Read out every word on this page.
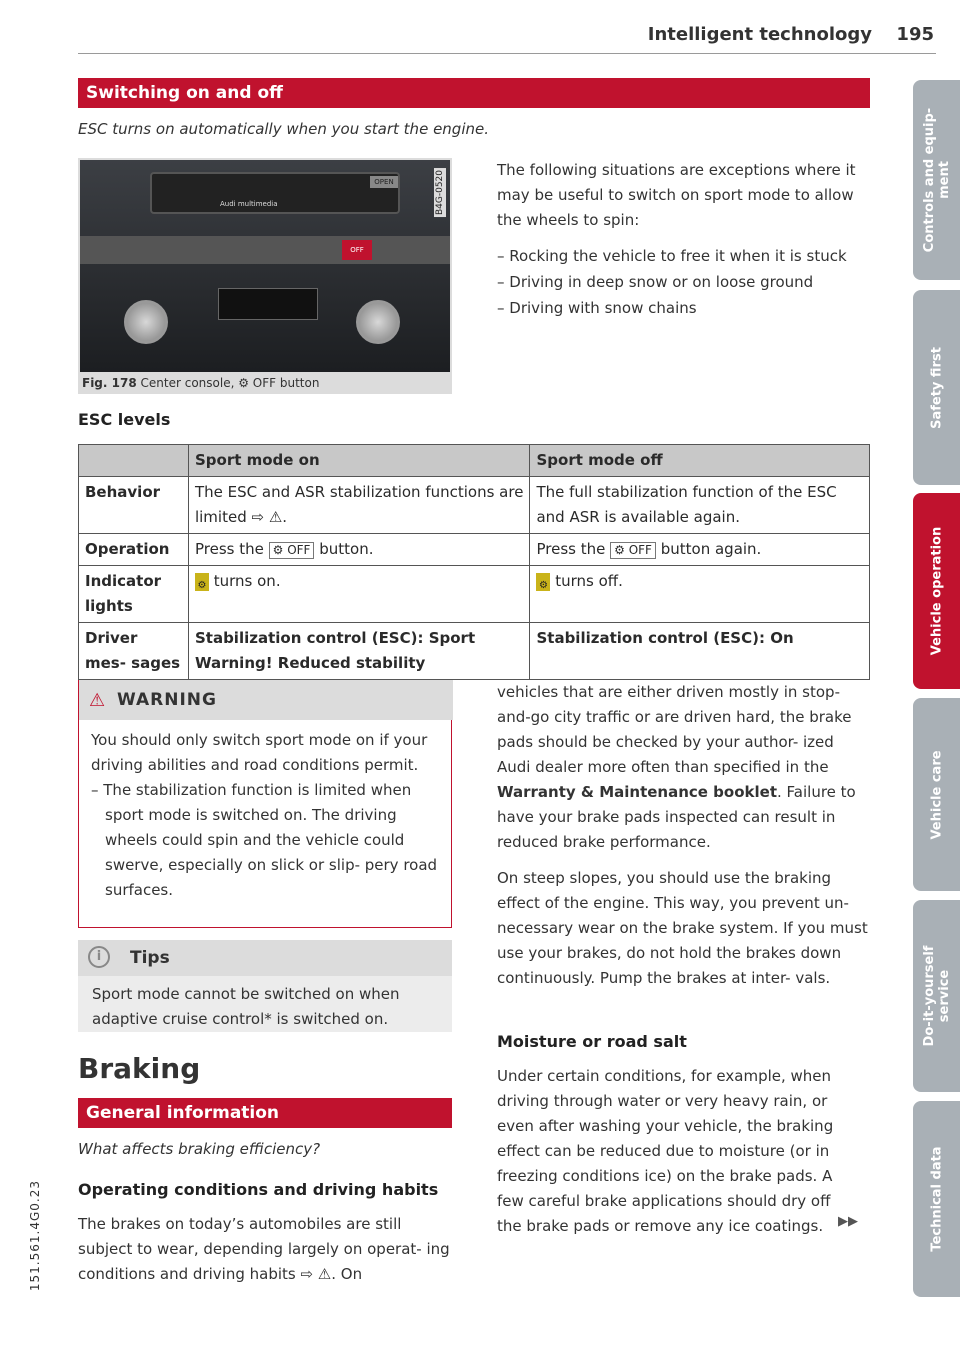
Intelligent technology 195
Controls and equip-
ment
Safety first
Vehicle operation
Vehicle care
Do-it-yourself
service
Technical data
Switching on and off
ESC turns on automatically when you start the engine.
Audi multimedia
OPEN
OFF
B4G-0520
Fig. 178 Center console, ⚙ OFF button
The following situations are exceptions where it may be useful to switch on sport mode to allow the wheels to spin:
– Rocking the vehicle to free it when it is stuck
– Driving in deep snow or on loose ground
– Driving with snow chains
ESC levels
	Sport mode on	Sport mode off
Behavior	The ESC and ASR stabilization functions are limited ⇨ ⚠.	The full stabilization function of the ESC and ASR is available again.
Operation	Press the ⚙ OFF button.	Press the ⚙ OFF button again.
Indicator lights	⚙ turns on.	⚙ turns off.
Driver mes- sages	Stabilization control (ESC): Sport Warning! Reduced stability	Stabilization control (ESC): On
⚠ WARNING
You should only switch sport mode on if your driving abilities and road conditions permit.
– The stabilization function is limited when sport mode is switched on. The driving wheels could spin and the vehicle could swerve, especially on slick or slip- pery road surfaces.
i	Tips
Sport mode cannot be switched on when adaptive cruise control* is switched on.
Braking
General information
What affects braking efficiency?
Operating conditions and driving habits
The brakes on today’s automobiles are still subject to wear, depending largely on operat- ing conditions and driving habits ⇨ ⚠. On
vehicles that are either driven mostly in stop- and-go city traffic or are driven hard, the brake pads should be checked by your author- ized Audi dealer more often than specified in the Warranty & Maintenance booklet. Failure to have your brake pads inspected can result in reduced brake performance.
On steep slopes, you should use the braking effect of the engine. This way, you prevent un- necessary wear on the brake system. If you must use your brakes, do not hold the brakes down continuously. Pump the brakes at inter- vals.
Moisture or road salt
Under certain conditions, for example, when driving through water or very heavy rain, or even after washing your vehicle, the braking effect can be reduced due to moisture (or in freezing conditions ice) on the brake pads. A few careful brake applications should dry off the brake pads or remove any ice coatings.	▶▶
151.561.4G0.23
